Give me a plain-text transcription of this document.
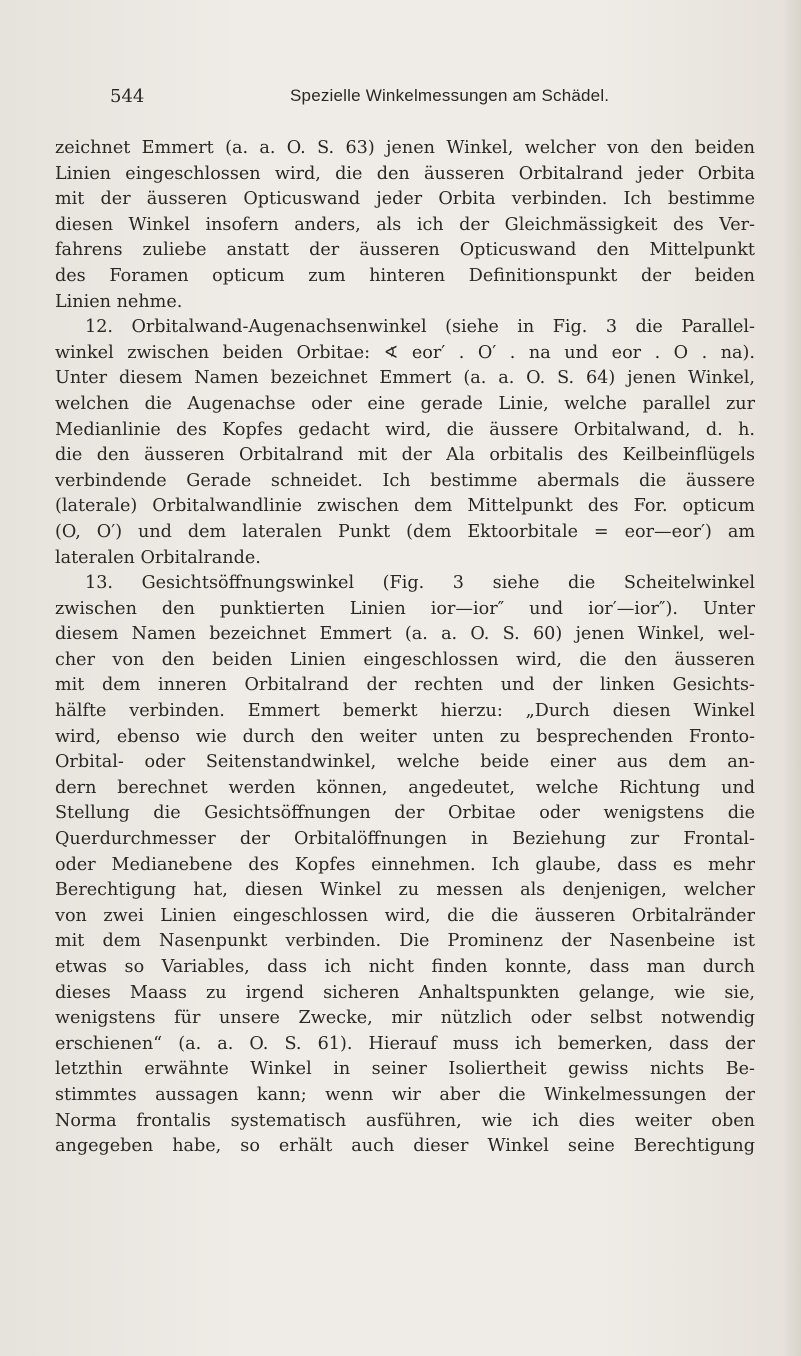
544	Spezielle Winkelmessungen am Schädel.
zeichnet Emmert (a. a. O. S. 63) jenen Winkel, welcher von den beiden
Linien eingeschlossen wird, die den äusseren Orbitalrand jeder Orbita
mit der äusseren Opticuswand jeder Orbita verbinden. Ich bestimme
diesen Winkel insofern anders, als ich der Gleichmässigkeit des Ver-
fahrens zuliebe anstatt der äusseren Opticuswand den Mittelpunkt
des Foramen opticum zum hinteren Definitionspunkt der beiden
Linien nehme.
12. Orbitalwand-Augenachsenwinkel (siehe in Fig. 3 die Parallel-
winkel zwischen beiden Orbitae: ∢ eor′ . O′ . na und eor . O . na).
Unter diesem Namen bezeichnet Emmert (a. a. O. S. 64) jenen Winkel,
welchen die Augenachse oder eine gerade Linie, welche parallel zur
Medianlinie des Kopfes gedacht wird, die äussere Orbitalwand, d. h.
die den äusseren Orbitalrand mit der Ala orbitalis des Keilbeinflügels
verbindende Gerade schneidet. Ich bestimme abermals die äussere
(laterale) Orbitalwandlinie zwischen dem Mittelpunkt des For. opticum
(O, O′) und dem lateralen Punkt (dem Ektoorbitale = eor—eor′) am
lateralen Orbitalrande.
13. Gesichtsöffnungswinkel (Fig. 3 siehe die Scheitelwinkel
zwischen den punktierten Linien ior—ior″ und ior′—ior″). Unter
diesem Namen bezeichnet Emmert (a. a. O. S. 60) jenen Winkel, wel-
cher von den beiden Linien eingeschlossen wird, die den äusseren
mit dem inneren Orbitalrand der rechten und der linken Gesichts-
hälfte verbinden. Emmert bemerkt hierzu: „Durch diesen Winkel
wird, ebenso wie durch den weiter unten zu besprechenden Fronto-
Orbital- oder Seitenstandwinkel, welche beide einer aus dem an-
dern berechnet werden können, angedeutet, welche Richtung und
Stellung die Gesichtsöffnungen der Orbitae oder wenigstens die
Querdurchmesser der Orbitalöffnungen in Beziehung zur Frontal-
oder Medianebene des Kopfes einnehmen. Ich glaube, dass es mehr
Berechtigung hat, diesen Winkel zu messen als denjenigen, welcher
von zwei Linien eingeschlossen wird, die die äusseren Orbitalränder
mit dem Nasenpunkt verbinden. Die Prominenz der Nasenbeine ist
etwas so Variables, dass ich nicht finden konnte, dass man durch
dieses Maass zu irgend sicheren Anhaltspunkten gelange, wie sie,
wenigstens für unsere Zwecke, mir nützlich oder selbst notwendig
erschienen“ (a. a. O. S. 61). Hierauf muss ich bemerken, dass der
letzthin erwähnte Winkel in seiner Isoliertheit gewiss nichts Be-
stimmtes aussagen kann; wenn wir aber die Winkelmessungen der
Norma frontalis systematisch ausführen, wie ich dies weiter oben
angegeben habe, so erhält auch dieser Winkel seine Berechtigung
